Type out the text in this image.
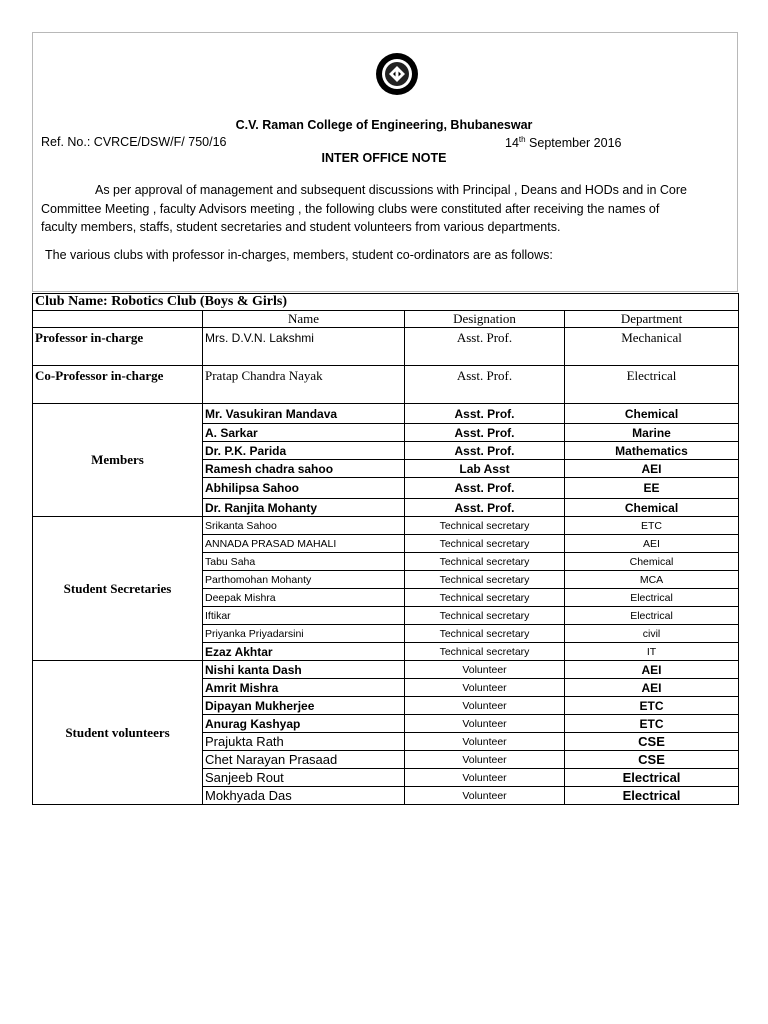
C.V. Raman College of Engineering, Bhubaneswar
Ref. No.: CVRCE/DSW/F/ 750/16	14th September 2016
INTER OFFICE NOTE
As per approval of management and subsequent discussions with Principal , Deans and HODs and in Core
Committee Meeting , faculty Advisors meeting , the following clubs were constituted after receiving the names of
faculty members, staffs, student secretaries and student volunteers from various departments.
The various clubs with professor in-charges, members, student co-ordinators are as follows:
Club Name: Robotics Club (Boys & Girls)			
	Name	Designation	Department
Professor in-charge	Mrs. D.V.N. Lakshmi	Asst. Prof.	Mechanical
Co-Professor in-charge	Pratap Chandra Nayak	Asst. Prof.	Electrical
Members	Mr. Vasukiran Mandava	Asst. Prof.	Chemical
	A. Sarkar	Asst. Prof.	Marine
	Dr. P.K. Parida	Asst. Prof.	Mathematics
	Ramesh chadra sahoo	Lab Asst	AEI
	Abhilipsa Sahoo	Asst. Prof.	EE
	Dr. Ranjita Mohanty	Asst. Prof.	Chemical
Student Secretaries	Srikanta Sahoo	Technical secretary	ETC
	ANNADA PRASAD MAHALI	Technical secretary	AEI
	Tabu Saha	Technical secretary	Chemical
	Parthomohan Mohanty	Technical secretary	MCA
	Deepak Mishra	Technical secretary	Electrical
	Iftikar	Technical secretary	Electrical
	Priyanka Priyadarsini	Technical secretary	civil
	Ezaz Akhtar	Technical secretary	IT
Student volunteers	Nishi kanta Dash	Volunteer	AEI
	Amrit Mishra	Volunteer	AEI
	Dipayan Mukherjee	Volunteer	ETC
	Anurag Kashyap	Volunteer	ETC
	Prajukta Rath	Volunteer	CSE
	Chet Narayan Prasaad	Volunteer	CSE
	Sanjeeb Rout	Volunteer	Electrical
	Mokhyada Das	Volunteer	Electrical
